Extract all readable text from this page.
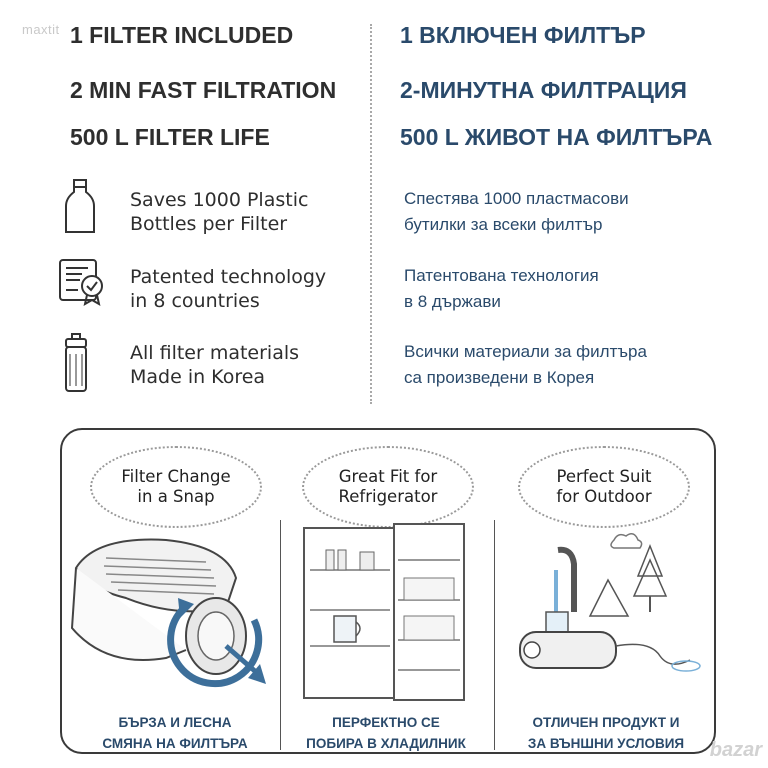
maxtit 1 FILTER INCLUDED
2 MIN FAST FILTRATION
500 L FILTER LIFE
1 ВКЛЮЧЕН ФИЛТЪР
2-МИНУТНА ФИЛТРАЦИЯ
500 L ЖИВОТ НА ФИЛТЪРА
Saves 1000 Plastic
Bottles per Filter
Patented technology
in 8 countries
All filter materials
Made in Korea
Спестява 1000 пластмасови
бутилки за всеки филтър
Патентована технология
в 8 държави
Всички материали за филтъра
са произведени в Корея
Filter Change
in a Snap
Great Fit for
Refrigerator
Perfect Suit
for Outdoor
БЪРЗА И ЛЕСНА
СМЯНА НА ФИЛТЪРА
ПЕРФЕКТНО СЕ
ПОБИРА В ХЛАДИЛНИК
ОТЛИЧЕН ПРОДУКТ И
ЗА ВЪНШНИ УСЛОВИЯ	bazar
